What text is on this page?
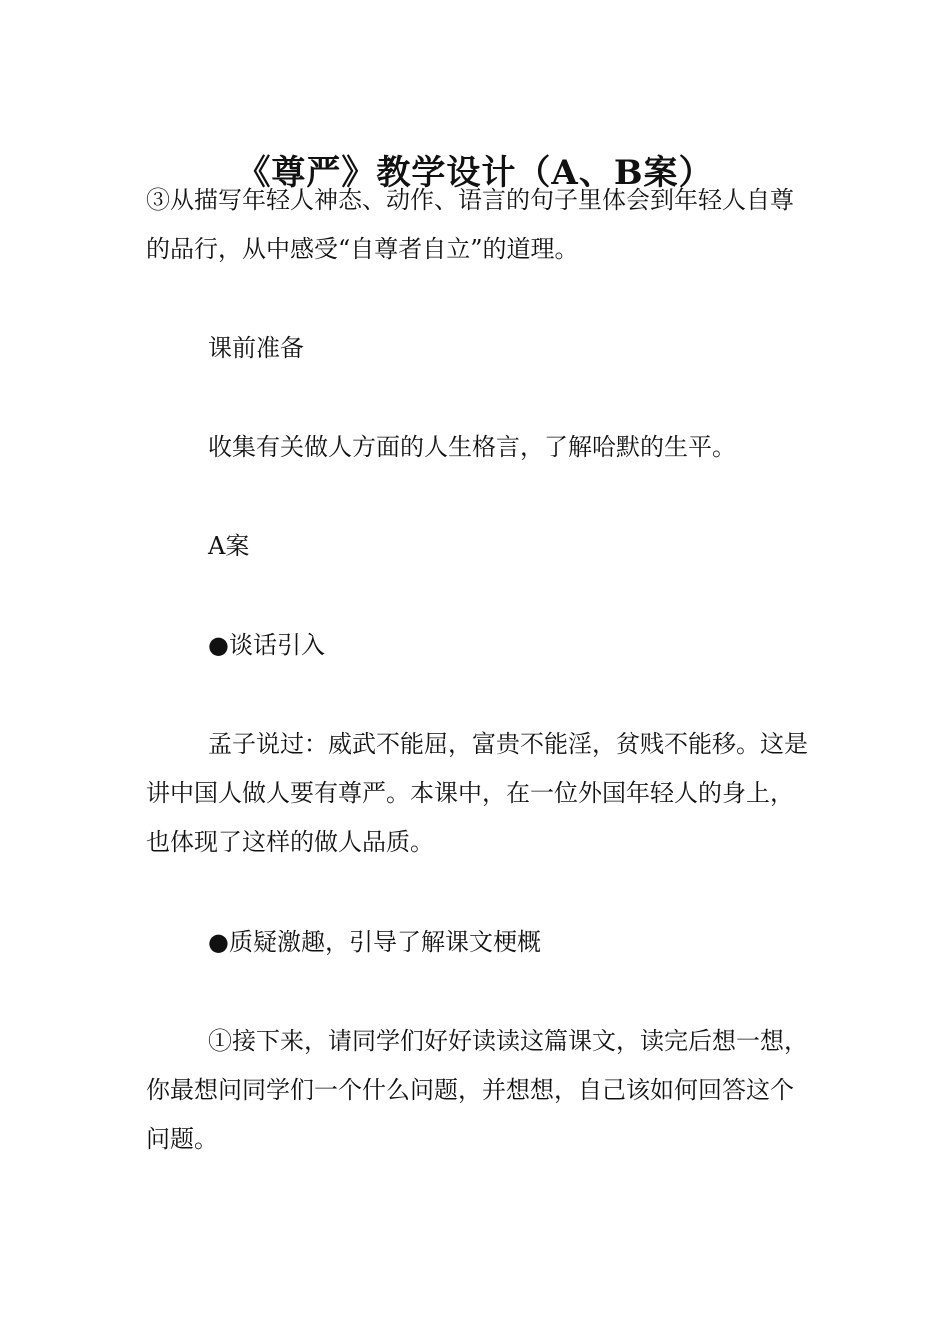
《尊严》教学设计（A、B案）

③从描写年轻人神态、动作、语言的句子里体会到年轻人自尊的品行，从中感受“自尊者自立”的道理。

课前准备

收集有关做人方面的人生格言，了解哈默的生平。

A案

●谈话引入

孟子说过：威武不能屈，富贵不能淫，贫贱不能移。这是讲中国人做人要有尊严。本课中，在一位外国年轻人的身上，也体现了这样的做人品质。

●质疑激趣，引导了解课文梗概

①接下来，请同学们好好读读这篇课文，读完后想一想，你最想问同学们一个什么问题，并想想，自己该如何回答这个问题。
